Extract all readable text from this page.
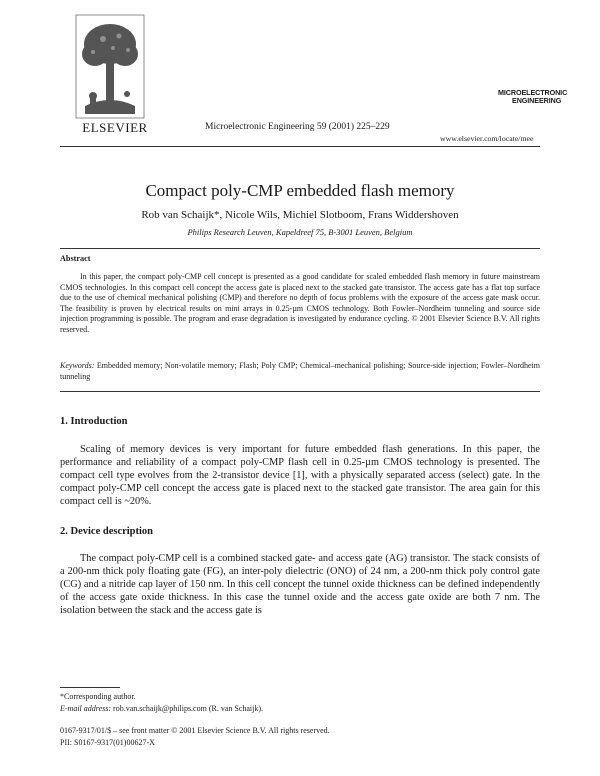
ELSEVIER	Microelectronic Engineering 59 (2001) 225–229
MICROELECTRONIC
ENGINEERING
www.elsevier.com/locate/mee
Compact poly-CMP embedded flash memory
Rob van Schaijk*, Nicole Wils, Michiel Slotboom, Frans Widdershoven
Philips Research Leuven, Kapeldreef 75, B-3001 Leuven, Belgium
Abstract
In this paper, the compact poly-CMP cell concept is presented as a good candidate for scaled embedded flash memory in future mainstream CMOS technologies. In this compact cell concept the access gate is placed next to the stacked gate transistor. The access gate has a flat top surface due to the use of chemical mechanical polishing (CMP) and therefore no depth of focus problems with the exposure of the access gate mask occur. The feasibility is proven by electrical results on mini arrays in 0.25-µm CMOS technology. Both Fowler–Nordheim tunneling and source side injection programming is possible. The program and erase degradation is investigated by endurance cycling. © 2001 Elsevier Science B.V. All rights reserved.
Keywords: Embedded memory; Non-volatile memory; Flash; Poly CMP; Chemical–mechanical polishing; Source-side injection; Fowler–Nordheim tunneling
1. Introduction
Scaling of memory devices is very important for future embedded flash generations. In this paper, the performance and reliability of a compact poly-CMP flash cell in 0.25-µm CMOS technology is presented. The compact cell type evolves from the 2-transistor device [1], with a physically separated access (select) gate. In the compact poly-CMP cell concept the access gate is placed next to the stacked gate transistor. The area gain for this compact cell is ~20%.
2. Device description
The compact poly-CMP cell is a combined stacked gate- and access gate (AG) transistor. The stack consists of a 200-nm thick poly floating gate (FG), an inter-poly dielectric (ONO) of 24 nm, a 200-nm thick poly control gate (CG) and a nitride cap layer of 150 nm. In this cell concept the tunnel oxide thickness can be defined independently of the access gate oxide thickness. In this case the tunnel oxide and the access gate oxide are both 7 nm. The isolation between the stack and the access gate is
*Corresponding author.
E-mail address: rob.van.schaijk@philips.com (R. van Schaijk).
0167-9317/01/$ – see front matter © 2001 Elsevier Science B.V. All rights reserved.
PII: S0167-9317(01)00627-X
